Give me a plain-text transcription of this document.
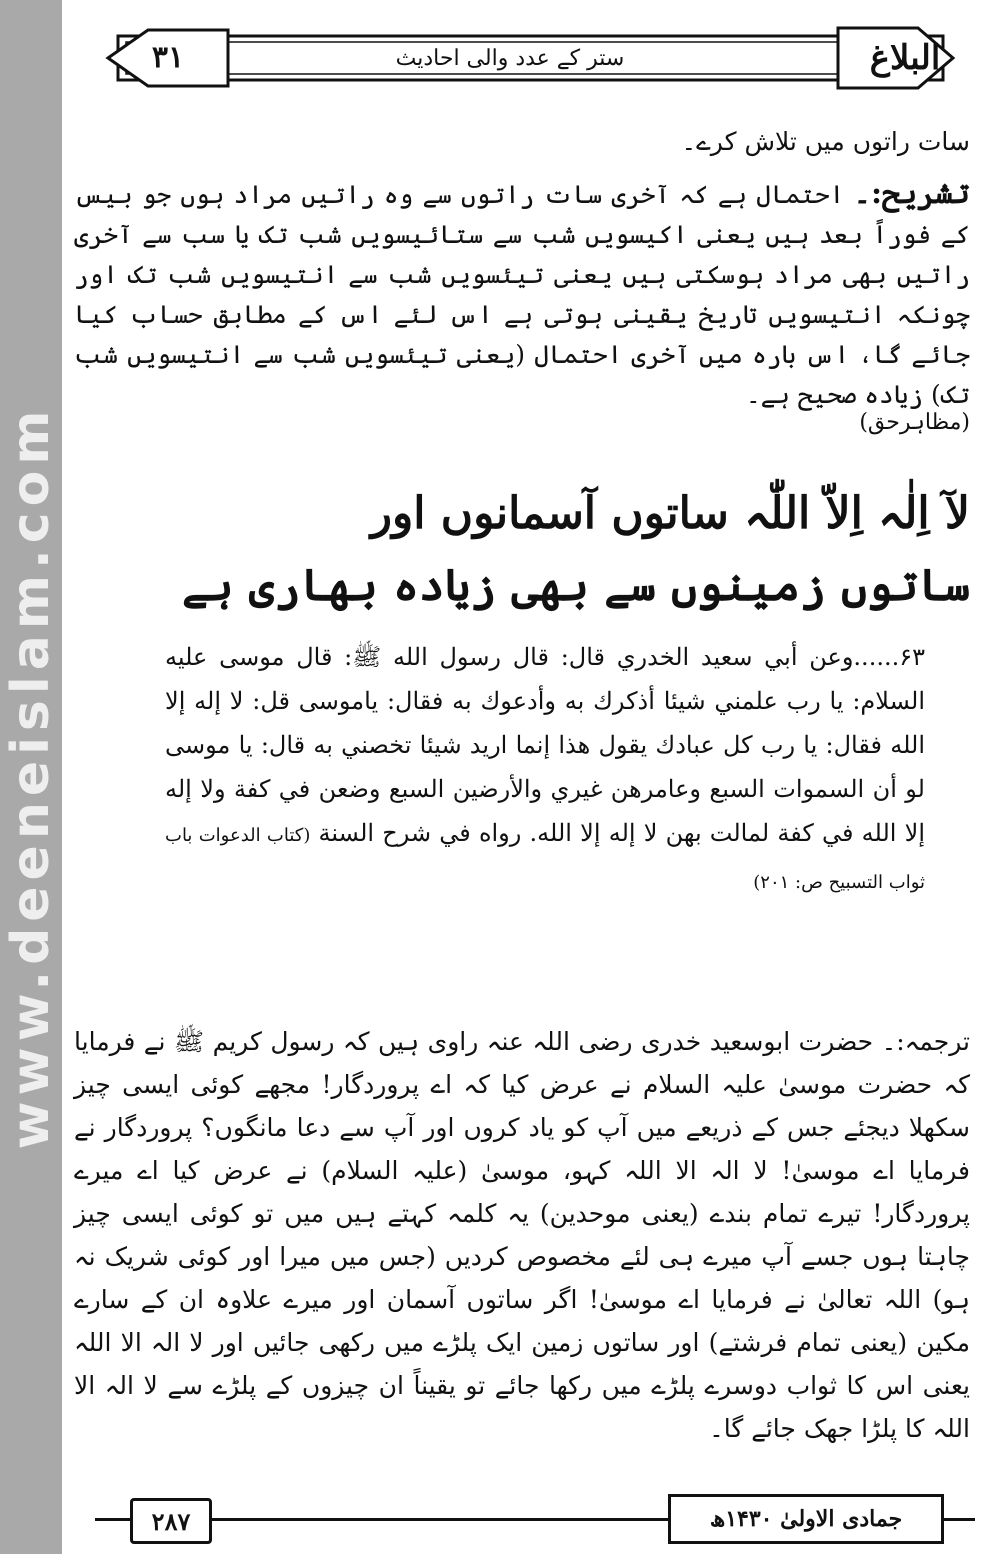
www.deeneislam.com
۳۱	البلاغ
ستر کے عدد والی احادیث
سات راتوں میں تلاش کرے۔
تشریح:۔ احتمال ہے کہ آخری سات راتوں سے وہ راتیں مراد ہوں جو بیس کے فوراً بعد ہیں یعنی اکیسویں شب سے ستائیسویں شب تک یا سب سے آخری راتیں بھی مراد ہوسکتی ہیں یعنی تیئسویں شب سے انتیسویں شب تک اور چونکہ انتیسویں تاریخ یقینی ہوتی ہے اس لئے اس کے مطابق حساب کیا جائے گا، اس بارہ میں آخری احتمال (یعنی تیئسویں شب سے انتیسویں شب تک) زیادہ صحیح ہے۔
(مظاہرحق)
لآ اِلٰہ اِلاّ اللّٰہ ساتوں آسمانوں اور
ساتوں زمینوں سے بھی زیادہ بھاری ہے
۶۳......وعن أبي سعيد الخدري قال: قال رسول الله ﷺ: قال موسى عليه السلام: يا رب علمني شيئا أذكرك به وأدعوك به فقال: ياموسى قل: لا إله إلا الله فقال: يا رب كل عبادك يقول هذا إنما اريد شيئا تخصني به قال: يا موسى لو أن السموات السبع وعامرهن غيري والأرضين السبع وضعن في كفة ولا إله إلا الله في كفة لمالت بهن لا إله إلا الله. رواه في شرح السنة (كتاب الدعوات باب ثواب التسبيح ص: ۲۰۱)
ترجمہ:۔ حضرت ابوسعید خدری رضی اللہ عنہ راوی ہیں کہ رسول کریم ﷺ نے فرمایا کہ حضرت موسیٰ علیہ السلام نے عرض کیا کہ اے پروردگار! مجھے کوئی ایسی چیز سکھلا دیجئے جس کے ذریعے میں آپ کو یاد کروں اور آپ سے دعا مانگوں؟ پروردگار نے فرمایا اے موسیٰ! لا الہ الا اللہ کہو، موسیٰ (علیہ السلام) نے عرض کیا اے میرے پروردگار! تیرے تمام بندے (یعنی موحدین) یہ کلمہ کہتے ہیں میں تو کوئی ایسی چیز چاہتا ہوں جسے آپ میرے ہی لئے مخصوص کردیں (جس میں میرا اور کوئی شریک نہ ہو) اللہ تعالیٰ نے فرمایا اے موسیٰ! اگر ساتوں آسمان اور میرے علاوہ ان کے سارے مکین (یعنی تمام فرشتے) اور ساتوں زمین ایک پلڑے میں رکھی جائیں اور لا الہ الا اللہ یعنی اس کا ثواب دوسرے پلڑے میں رکھا جائے تو یقیناً ان چیزوں کے پلڑے سے لا الہ الا اللہ کا پلڑا جھک جائے گا۔
۲۸۷	جمادی الاولیٰ ۱۴۳۰ھ
